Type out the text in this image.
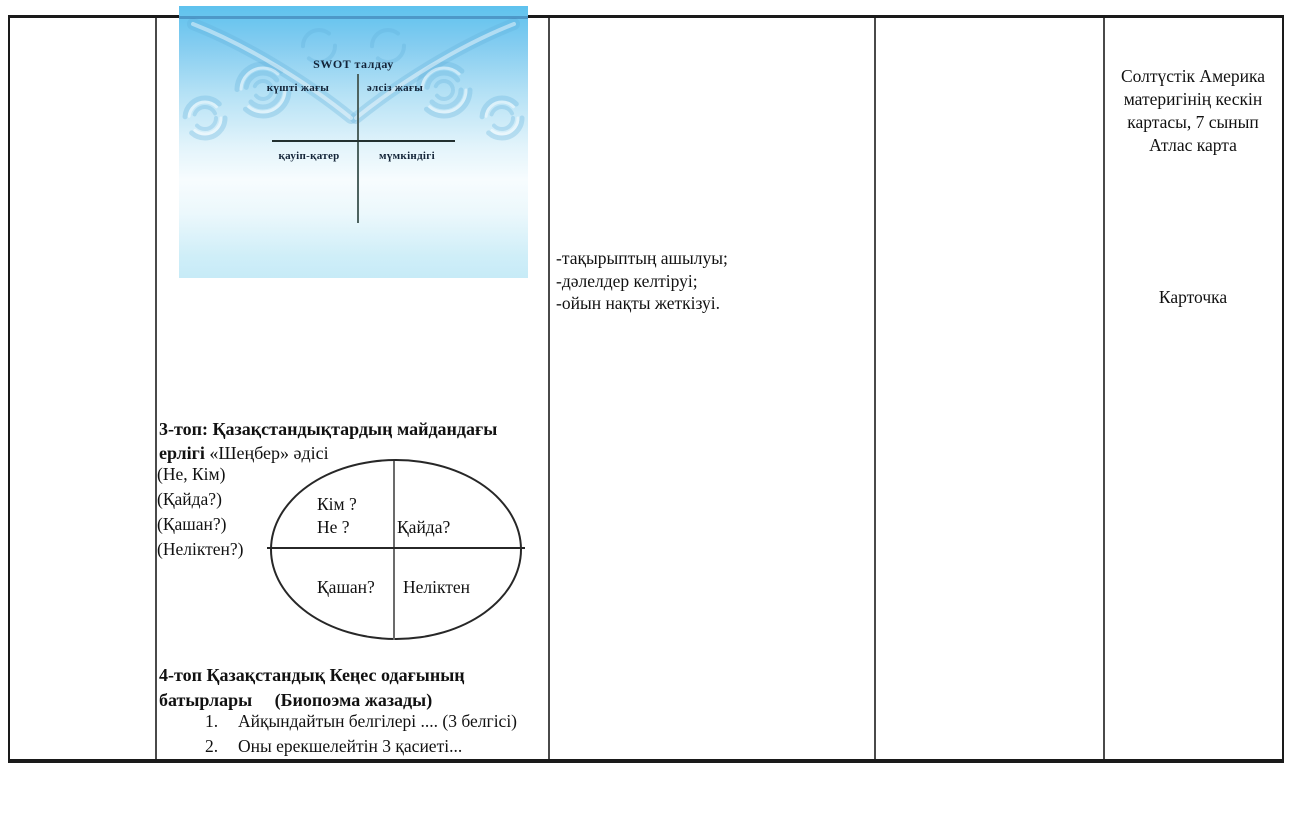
SWOT талдау
күшті жағы	әлсіз жағы
қауіп-қатер	мүмкіндігі
3-топ: Қазақстандықтардың майдандағы
ерлігі «Шеңбер» әдісі
(Не, Кім)
(Қайда?)
(Қашан?)
(Неліктен?)
Кім ?
Не ?	Қайда?
Қашан? Неліктен
4-топ Қазақстандық Кеңес одағының
батырлары     (Биопоэма жазады)
1.	Айқындайтын белгілері .... (3 белгісі)
2.	Оны ерекшелейтін 3 қасиеті...
-тақырыптың ашылуы;
-дәлелдер келтіруі;
-ойын нақты жеткізуі.
Солтүстік Америка
материгінің кескін
картасы, 7 сынып
Атлас карта
Карточка
